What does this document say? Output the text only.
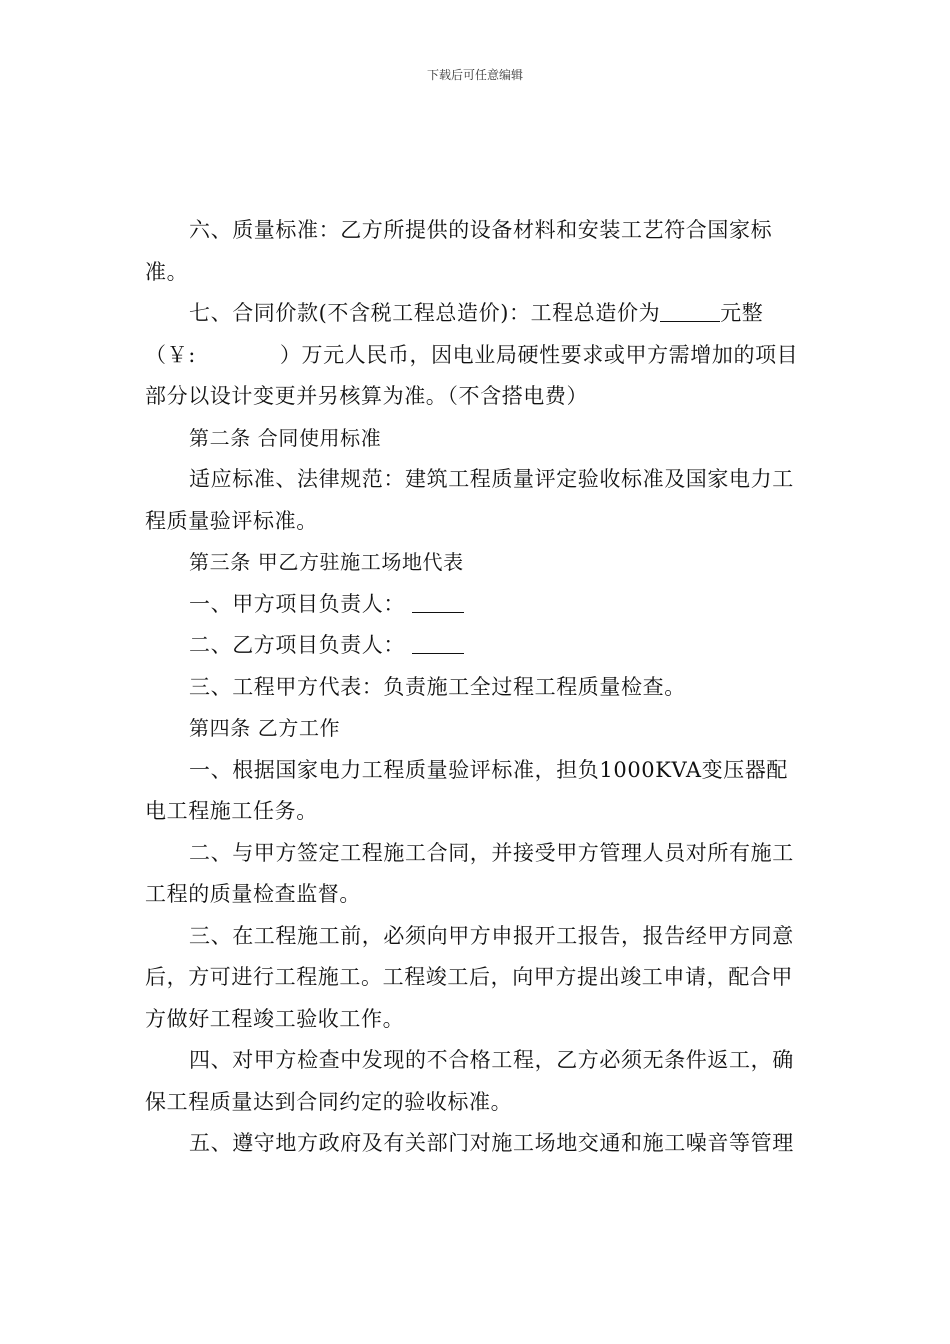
下载后可任意编辑

六、质量标准：乙方所提供的设备材料和安装工艺符合国家标准。

七、合同价款(不含税工程总造价)：工程总造价为	元整（￥:	）万元人民币，因电业局硬性要求或甲方需增加的项目部分以设计变更并另核算为准。（不含搭电费）

第二条 合同使用标准

适应标准、法律规范：建筑工程质量评定验收标准及国家电力工程质量验评标准。

第三条 甲乙方驻施工场地代表

一、甲方项目负责人：

二、乙方项目负责人：

三、工程甲方代表：负责施工全过程工程质量检查。

第四条 乙方工作

一、根据国家电力工程质量验评标准，担负1000KVA变压器配电工程施工任务。

二、与甲方签定工程施工合同，并接受甲方管理人员对所有施工工程的质量检查监督。

三、在工程施工前，必须向甲方申报开工报告，报告经甲方同意后，方可进行工程施工。工程竣工后，向甲方提出竣工申请，配合甲方做好工程竣工验收工作。

四、对甲方检查中发现的不合格工程，乙方必须无条件返工，确保工程质量达到合同约定的验收标准。

五、遵守地方政府及有关部门对施工场地交通和施工噪音等管理
